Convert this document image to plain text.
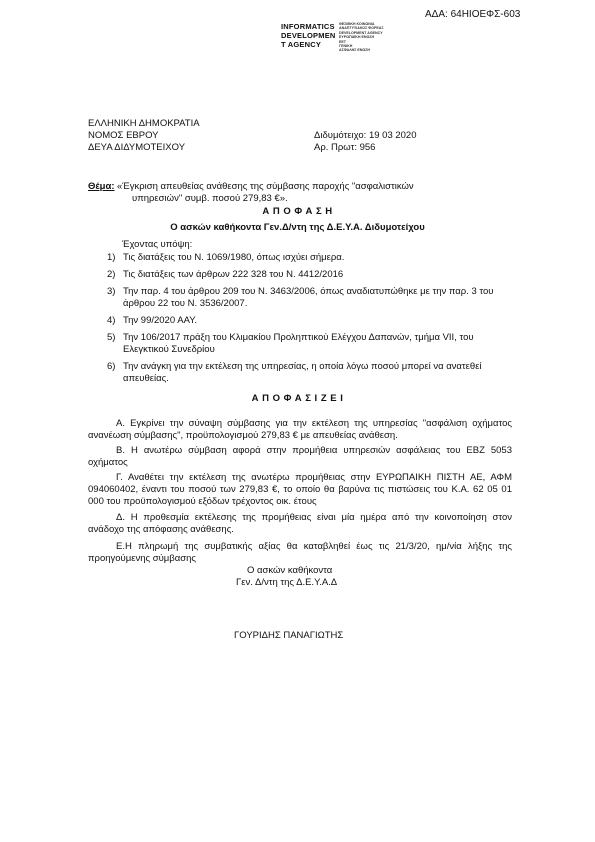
ΑΔΑ: 64ΗΙΟΕΦΣ-603
INFORMATICS
DEVELOPMEN
T AGENCY
ΘΕΣΜΙΚΗ ΚΟΙΝΩΝΙΑ
ΑΝΑΠΤΥΞΙΑΚΟΣ ΦΟΡΕΑΣ
DEVELOPMENT AGENCY
ΕΥΡΩΠΑΪΚΗ ΕΝΩΣΗ
ΕΕΤ
ΓΕΝΙΚΗ
ΑΣΦΑΛΗΣ ΕΝΩΣΗ
ΕΛΛΗΝΙΚΗ ΔΗΜΟΚΡΑΤΙΑ
ΝΟΜΟΣ ΕΒΡΟΥ
ΔΕΥΑ ΔΙΔΥΜΟΤΕΙΧΟΥ
Διδυμότειχο: 19 03 2020
Αρ. Πρωτ: 956
Θέμα: «Έγκριση απευθείας ανάθεσης της σύμβασης παροχής "ασφαλιστικών
υπηρεσιών" συμβ. ποσού 279,83 €».
Α Π Ο Φ Α Σ Η
Ο ασκών καθήκοντα Γεν.Δ/ντη της Δ.Ε.Υ.Α. Διδυμοτείχου
Έχοντας υπόψη:
1) Τις διατάξεις του Ν. 1069/1980, όπως ισχύει σήμερα.
2) Τις διατάξεις των άρθρων 222 328 του Ν. 4412/2016
3) Την παρ. 4 του άρθρου 209 του Ν. 3463/2006, όπως αναδιατυπώθηκε με την παρ. 3 του άρθρου 22 του Ν. 3536/2007.
4) Την 99/2020 ΑΑΥ.
5) Την 106/2017 πράξη του Κλιμακίου Προληπτικού Ελέγχου Δαπανών, τμήμα VII, του Ελεγκτικού Συνεδρίου
6) Την ανάγκη για την εκτέλεση της υπηρεσίας, η οποία λόγω ποσού μπορεί να ανατεθεί απευθείας.
Α Π Ο Φ Α Σ Ι Ζ Ε Ι
Α. Εγκρίνει την σύναψη σύμβασης για την εκτέλεση της υπηρεσίας "ασφάλιση οχήματος ανανέωση σύμβασης", προϋπολογισμού 279,83 € με απευθείας ανάθεση.
Β. Η ανωτέρω σύμβαση αφορά στην προμήθεια υπηρεσιών ασφάλειας του ΕΒΖ 5053 οχήματος
Γ. Αναθέτει την εκτέλεση της ανωτέρω προμήθειας στην ΕΥΡΩΠΑΙΚΗ ΠΙΣΤΗ ΑΕ, ΑΦΜ 094060402, έναντι του ποσού των 279,83 €, το οποίο θα βαρύνα τις πιστώσεις του Κ.Α. 62 05 01 000 του προϋπολογισμού εξόδων τρέχοντος οικ. έτους
Δ. Η προθεσμία εκτέλεσης της προμήθειας είναι μία ημέρα από την κοινοποίηση στον ανάδοχο της απόφασης ανάθεσης.
Ε.Η πληρωμή της συμβατικής αξίας θα καταβληθεί έως τις 21/3/20, ημ/νία λήξης της προηγούμενης σύμβασης
Ο ασκών καθήκοντα
Γεν. Δ/ντη της Δ.Ε.Υ.Α.Δ
ΓΟΥΡΙΔΗΣ ΠΑΝΑΓΙΩΤΗΣ
